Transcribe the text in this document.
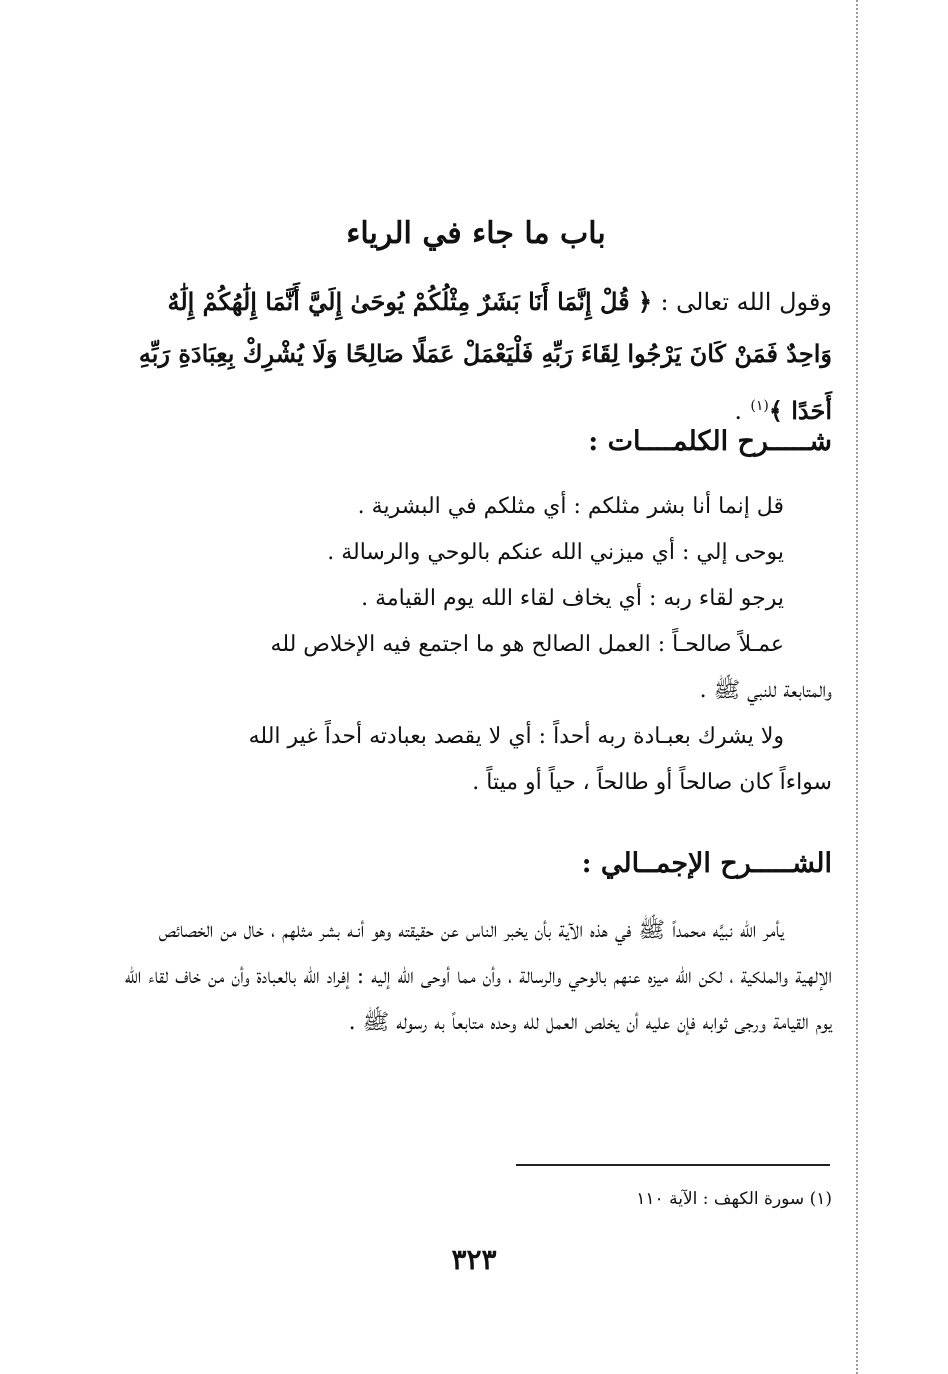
باب ما جاء في الرياء
وقول الله تعالى : ﴿ قُلْ إِنَّمَا أَنَا بَشَرٌ مِثْلُكُمْ يُوحَىٰ إِلَيَّ أَنَّمَا إِلَٰهُكُمْ إِلَٰهٌ وَاحِدٌ فَمَنْ كَانَ يَرْجُوا لِقَاءَ رَبِّهِ فَلْيَعْمَلْ عَمَلًا صَالِحًا وَلَا يُشْرِكْ بِعِبَادَةِ رَبِّهِ أَحَدًا ﴾$^{(١)}$ .
شـــــرح الكلمــــات :

قل إنما أنا بشر مثلكم : أي مثلكم في البشرية .

يوحى إلي : أي ميزني الله عنكم بالوحي والرسالة .

يرجو لقاء ربه : أي يخاف لقاء الله يوم القيامة .

عمـلاً صالحـاً : العمل الصالح هو ما اجتمع فيه الإخلاص لله

والمتابعة للنبي ﷺ .

ولا يشرك بعبـادة ربه أحداً : أي لا يقصد بعبادته أحداً غير الله

سواءاً كان صالحاً أو طالحاً ، حياً أو ميتاً .

الشـــــرح الإجمــالي :

يأمر الله نبيَّه محمداً ﷺ في هذه الآية بأن يخبر الناس عن حقيقته وهو أنـه بشر مثلهم ، خال من الخصائص الإلهية والملكية ، لكن الله ميزه عنهم بالوحي والرسالة ، وأن مما أوحى الله إليه : إفراد الله بالعبادة وأن من خاف لقاء الله يوم القيامة ورجى ثوابه فإن عليه أن يخلص العمل لله وحده متابعاً به رسوله ﷺ .

(١) سورة الكهف : الآية ١١٠
٣٢٣
